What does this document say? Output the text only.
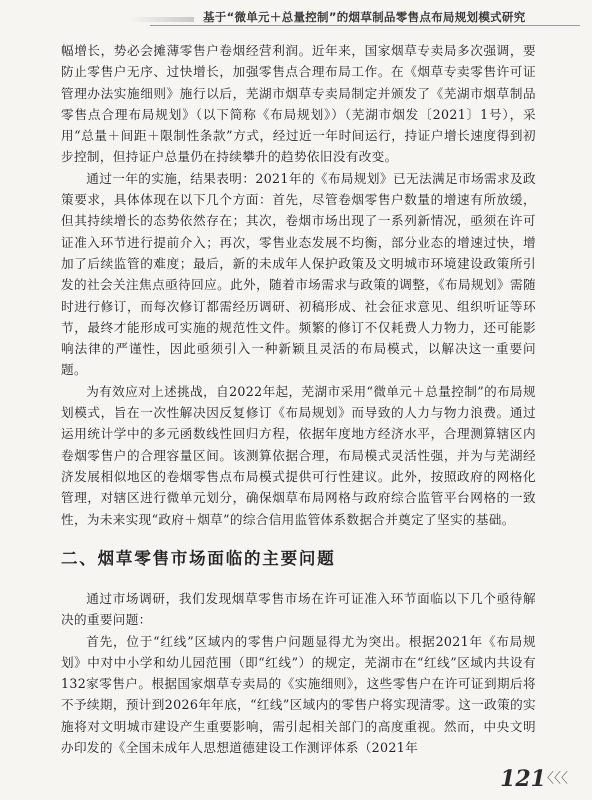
基于“微单元＋总量控制”的烟草制品零售点布局规划模式研究

幅增长，势必会摊薄零售户卷烟经营利润。近年来，国家烟草专卖局多次强调，要防止零售户无序、过快增长，加强零售点合理布局工作。在《烟草专卖零售许可证管理办法实施细则》施行以后，芜湖市烟草专卖局制定并颁发了《芜湖市烟草制品零售点合理布局规划》（以下简称《布局规划》）（芜湖市烟发〔2021〕1号），采用“总量＋间距＋限制性条款”方式，经过近一年时间运行，持证户增长速度得到初步控制，但持证户总量仍在持续攀升的趋势依旧没有改变。

通过一年的实施，结果表明：2021年的《布局规划》已无法满足市场需求及政策要求，具体体现在以下几个方面：首先，尽管卷烟零售户数量的增速有所放缓，但其持续增长的态势依然存在；其次，卷烟市场出现了一系列新情况，亟须在许可证准入环节进行提前介入；再次，零售业态发展不均衡，部分业态的增速过快，增加了后续监管的难度；最后，新的未成年人保护政策及文明城市环境建设政策所引发的社会关注焦点亟待回应。此外，随着市场需求与政策的调整，《布局规划》需随时进行修订，而每次修订都需经历调研、初稿形成、社会征求意见、组织听证等环节，最终才能形成可实施的规范性文件。频繁的修订不仅耗费人力物力，还可能影响法律的严谨性，因此亟须引入一种新颖且灵活的布局模式，以解决这一重要问题。

为有效应对上述挑战，自2022年起，芜湖市采用“微单元＋总量控制”的布局规划模式，旨在一次性解决因反复修订《布局规划》而导致的人力与物力浪费。通过运用统计学中的多元函数线性回归方程，依据年度地方经济水平，合理测算辖区内卷烟零售户的合理容量区间。该测算依据合理，布局模式灵活性强，并为与芜湖经济发展相似地区的卷烟零售点布局模式提供可行性建议。此外，按照政府的网格化管理，对辖区进行微单元划分，确保烟草布局网格与政府综合监管平台网格的一致性，为未来实现“政府＋烟草”的综合信用监管体系数据合并奠定了坚实的基础。

二、烟草零售市场面临的主要问题

通过市场调研，我们发现烟草零售市场在许可证准入环节面临以下几个亟待解决的重要问题：

首先，位于“红线”区域内的零售户问题显得尤为突出。根据2021年《布局规划》中对中小学和幼儿园范围（即“红线”）的规定，芜湖市在“红线”区域内共设有132家零售户。根据国家烟草专卖局的《实施细则》，这些零售户在许可证到期后将不予续期，预计到2026年年底，“红线”区域内的零售户将实现清零。这一政策的实施将对文明城市建设产生重要影响，需引起相关部门的高度重视。然而，中央文明办印发的《全国未成年人思想道德建设工作测评体系（2021年

121
〈〈〈
